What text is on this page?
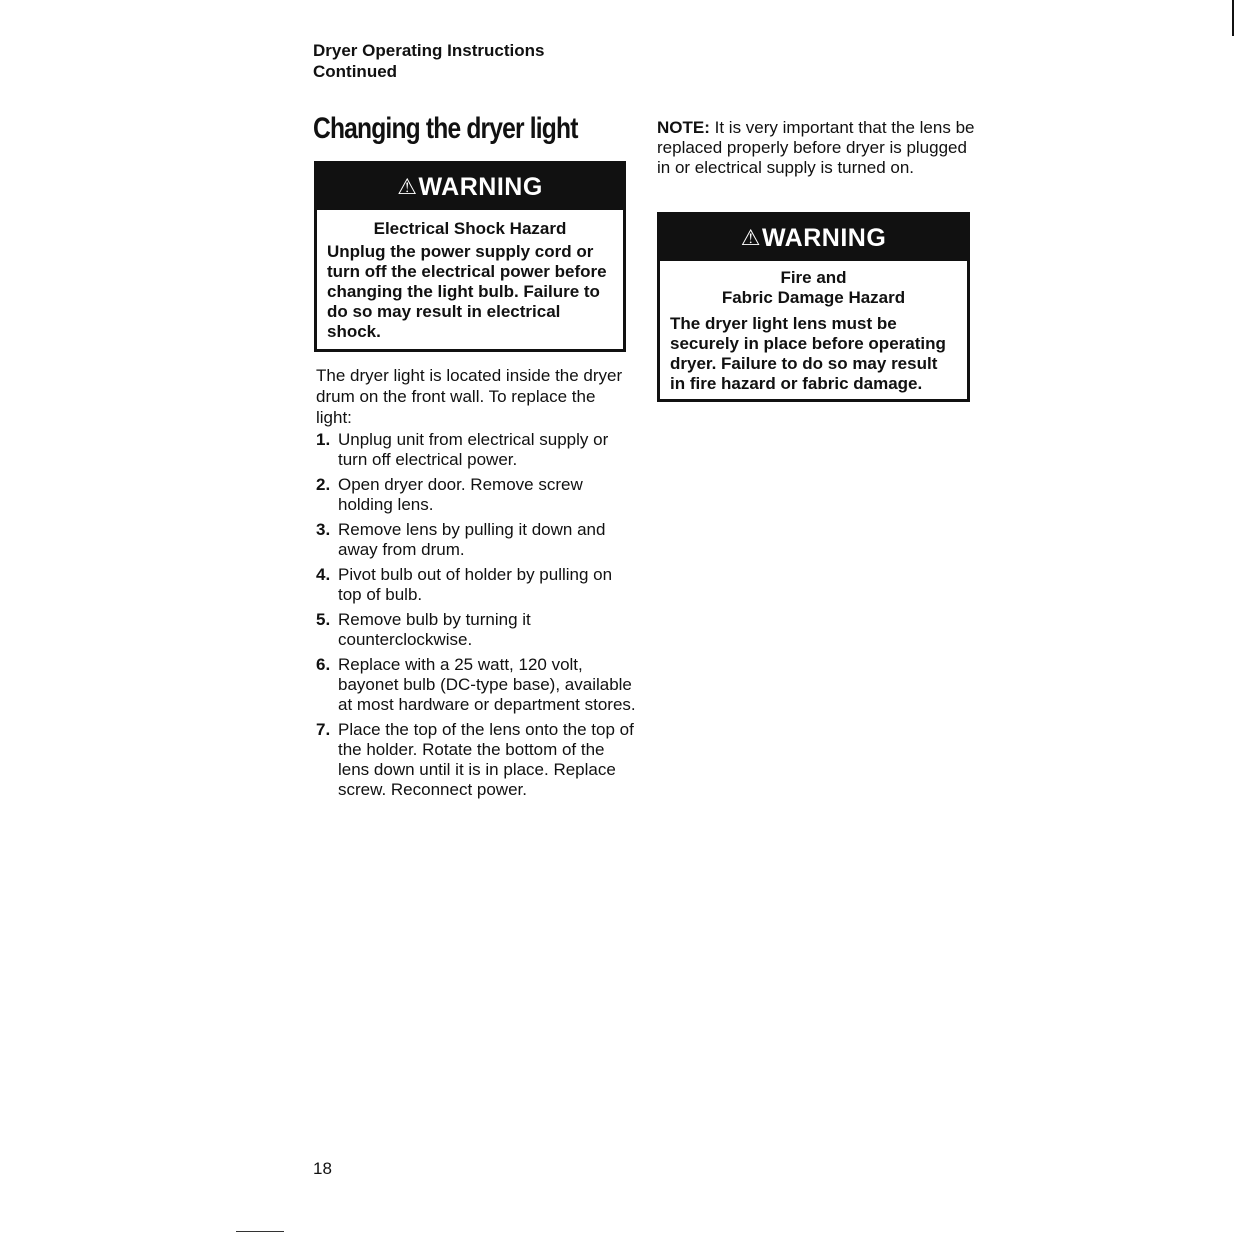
Dryer Operating Instructions
Continued
Changing the dryer light
⚠WARNING
Electrical Shock Hazard
Unplug the power supply cord or turn off the electrical power before changing the light bulb. Failure to do so may result in electrical shock.
The dryer light is located inside the dryer drum on the front wall. To replace the light:
1. Unplug unit from electrical supply or turn off electrical power.
2. Open dryer door. Remove screw holding lens.
3. Remove lens by pulling it down and away from drum.
4. Pivot bulb out of holder by pulling on top of bulb.
5. Remove bulb by turning it counterclockwise.
6. Replace with a 25 watt, 120 volt, bayonet bulb (DC-type base), available at most hardware or department stores.
7. Place the top of the lens onto the top of the holder. Rotate the bottom of the lens down until it is in place. Replace screw. Reconnect power.
NOTE: It is very important that the lens be replaced properly before dryer is plugged in or electrical supply is turned on.
⚠WARNING
Fire and
Fabric Damage Hazard
The dryer light lens must be securely in place before operating dryer. Failure to do so may result in fire hazard or fabric damage.
18
